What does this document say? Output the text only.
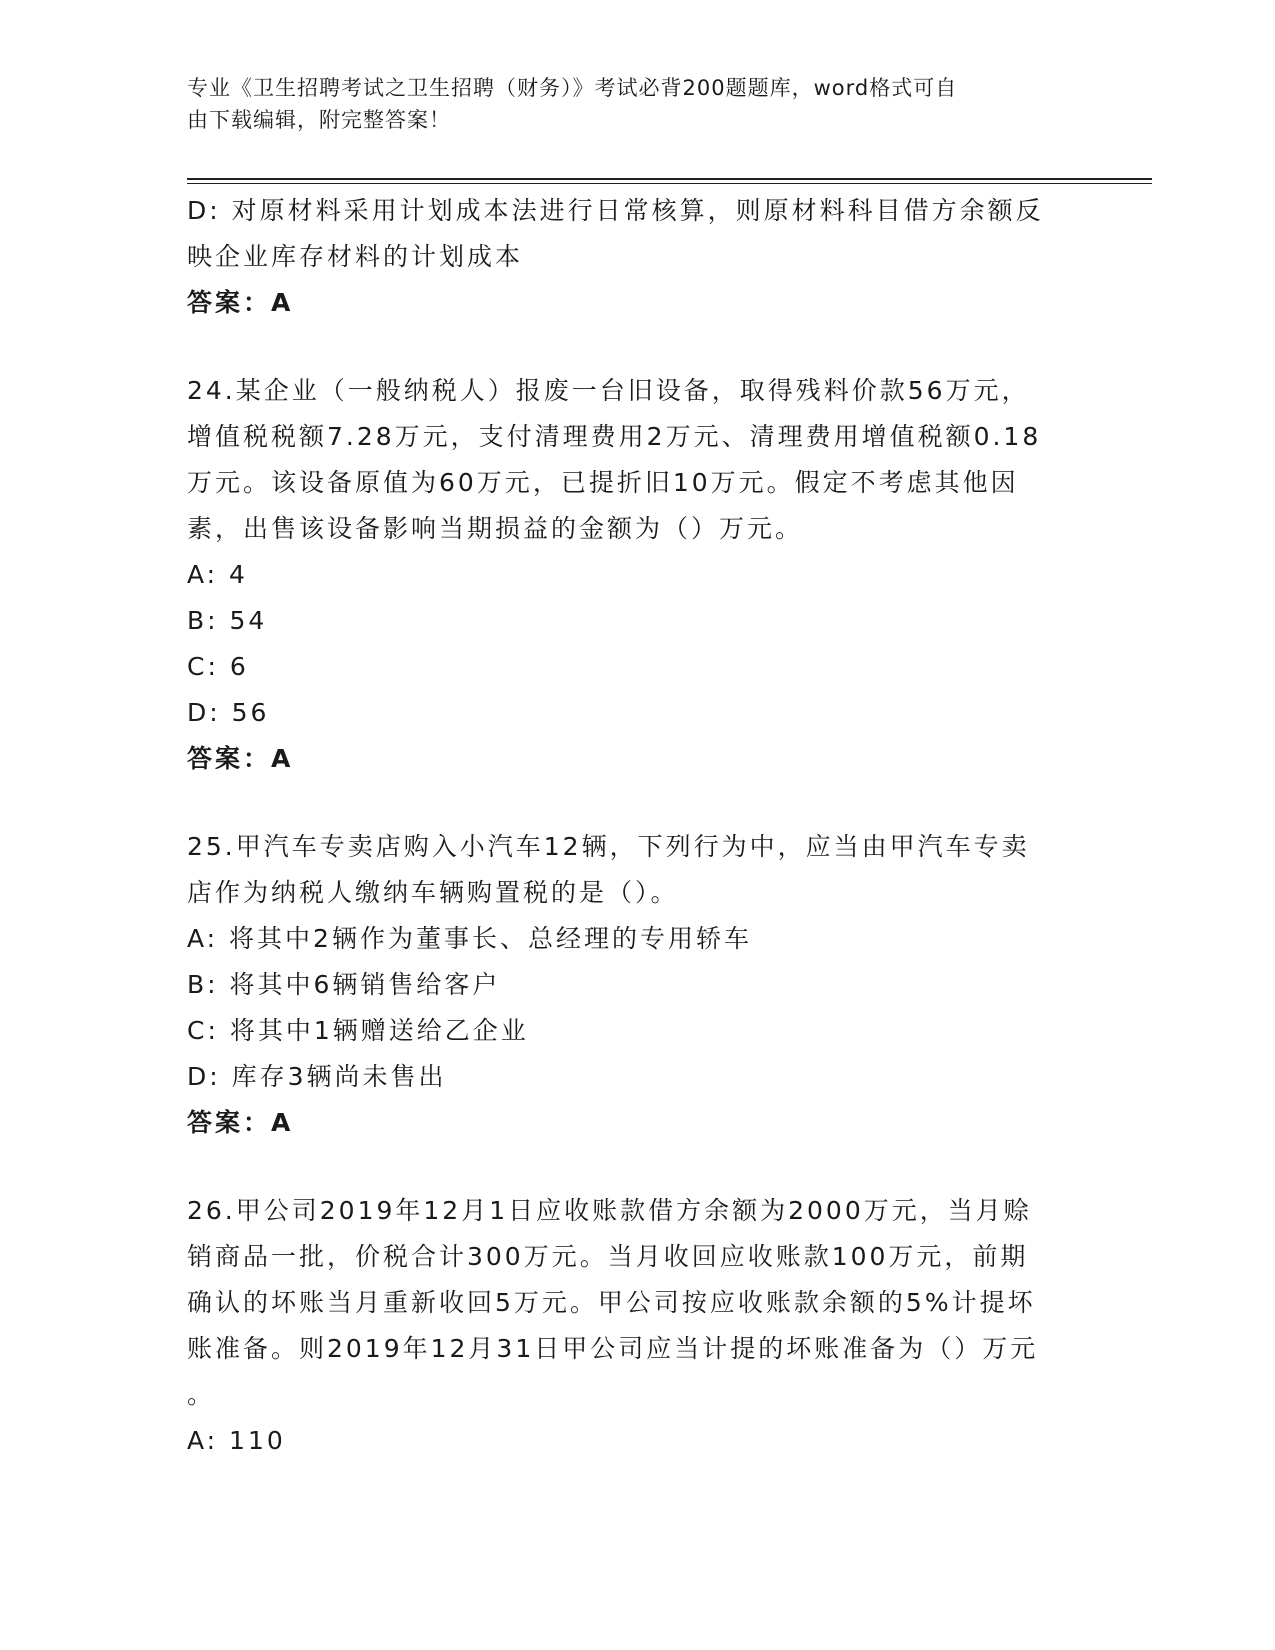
专业《卫生招聘考试之卫生招聘（财务）》考试必背200题题库，word格式可自
由下载编辑，附完整答案！
D: 对原材料采用计划成本法进行日常核算，则原材料科目借方余额反
映企业库存材料的计划成本
答案：A
24.某企业（一般纳税人）报废一台旧设备，取得残料价款56万元，
增值税税额7.28万元，支付清理费用2万元、清理费用增值税额0.18
万元。该设备原值为60万元，已提折旧10万元。假定不考虑其他因
素，出售该设备影响当期损益的金额为（）万元。
A: 4
B: 54
C: 6
D: 56
答案：A
25.甲汽车专卖店购入小汽车12辆，下列行为中，应当由甲汽车专卖
店作为纳税人缴纳车辆购置税的是（）。
A: 将其中2辆作为董事长、总经理的专用轿车
B: 将其中6辆销售给客户
C: 将其中1辆赠送给乙企业
D: 库存3辆尚未售出
答案：A
26.甲公司2019年12月1日应收账款借方余额为2000万元，当月赊
销商品一批，价税合计300万元。当月收回应收账款100万元，前期
确认的坏账当月重新收回5万元。甲公司按应收账款余额的5%计提坏
账准备。则2019年12月31日甲公司应当计提的坏账准备为（）万元
。
A: 110
